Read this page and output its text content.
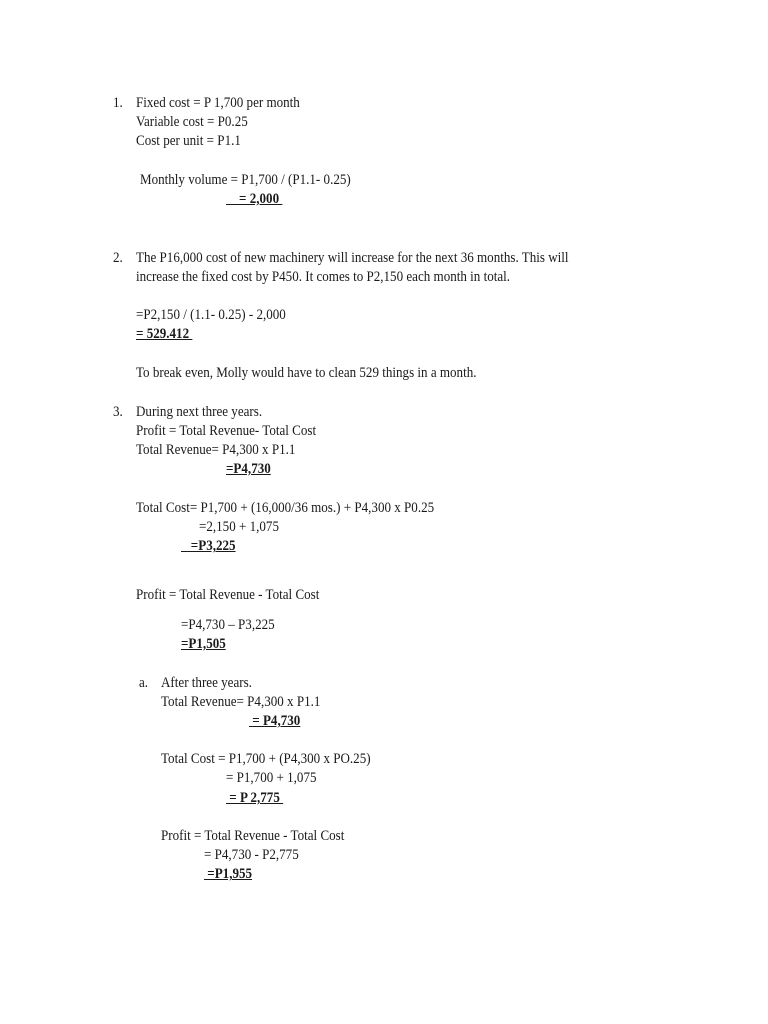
1. Fixed cost = P 1,700 per month
Variable cost = P0.25
Cost per unit = P1.1
Monthly volume = P1,700 / (P1.1- 0.25)
= 2,000
2. The P16,000 cost of new machinery will increase for the next 36 months. This will
increase the fixed cost by P450. It comes to P2,150 each month in total.
=P2,150 / (1.1- 0.25) - 2,000
= 529.412
To break even, Molly would have to clean 529 things in a month.
3. During next three years.
Profit = Total Revenue- Total Cost
Total Revenue= P4,300 x P1.1
=P4,730
Total Cost= P1,700 + (16,000/36 mos.) + P4,300 x P0.25
=2,150 + 1,075
=P3,225
Profit = Total Revenue - Total Cost
=P4,730 – P3,225
=P1,505
a. After three years.
Total Revenue= P4,300 x P1.1
= P4,730
Total Cost = P1,700 + (P4,300 x PO.25)
= P1,700 + 1,075
= P 2,775
Profit = Total Revenue - Total Cost
= P4,730 - P2,775
=P1,955
